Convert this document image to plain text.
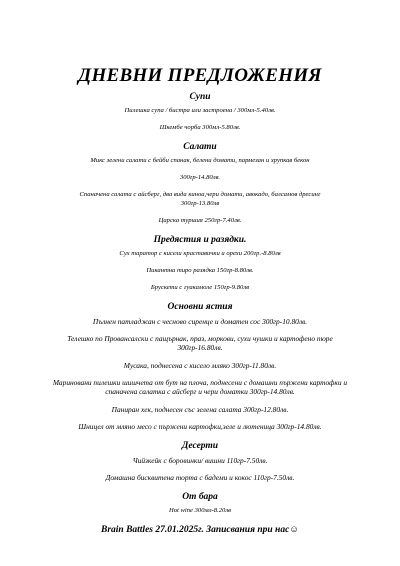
ДНЕВНИ ПРЕДЛОЖЕНИЯ
Супи
Пилешка супа / бистра или застроена / 300мл-5.40лв.
Шкембе чорба 300мл-5.80лв.
Салати
Микс зелени салати с бейби спанак, белени домати, пармезан и хрупкав бекон
300гр-14.80лв.
Спаначена салата с айсберг, два вида киноа,чери домати, авокадо, балсамов дресинг 300гр-13.80лв
Царска туршия 250гр-7.40лв.
Предястия и разядки.
Сух таратор с кисели краставички и орехи 200гр.-8.80лв
Пикантна тиро разядка 150гр-8.80лв.
Брускети с гуакамоле 150гр-9.80лв
Основни ястия
Пълнен патладжан с чесново сиренце и доматен сос 300гр-10.80лв.
Телешко по Провансалски с пащърнак, праз, моркови, сухи чушки и картофено пюре 300гр-16.80лв.
Мусака, поднесена с кисело мляко 300гр-11.80лв.
Мариновани пилешки шишчета от бут на плоча, поднесени с домашни пържени картофки и спаначена салатка с айсберг и чери доматки 300гр-14.80лв.
Паниран хек, поднесен със зелена салата 300гр-12.80лв.
Шницел от мляно месо с пържени картофки,зеле и лютеница 300гр-14.80лв.
Десерти
Чийзкейк с боровинки/ вишни 110гр-7.50лв.
Домашна бисквитена торта с бадеми и кокос 110гр-7.50лв.
От бара
Hot wine 300мл-8.20лв
Brain Battles 27.01.2025г. Записвания при нас☺
